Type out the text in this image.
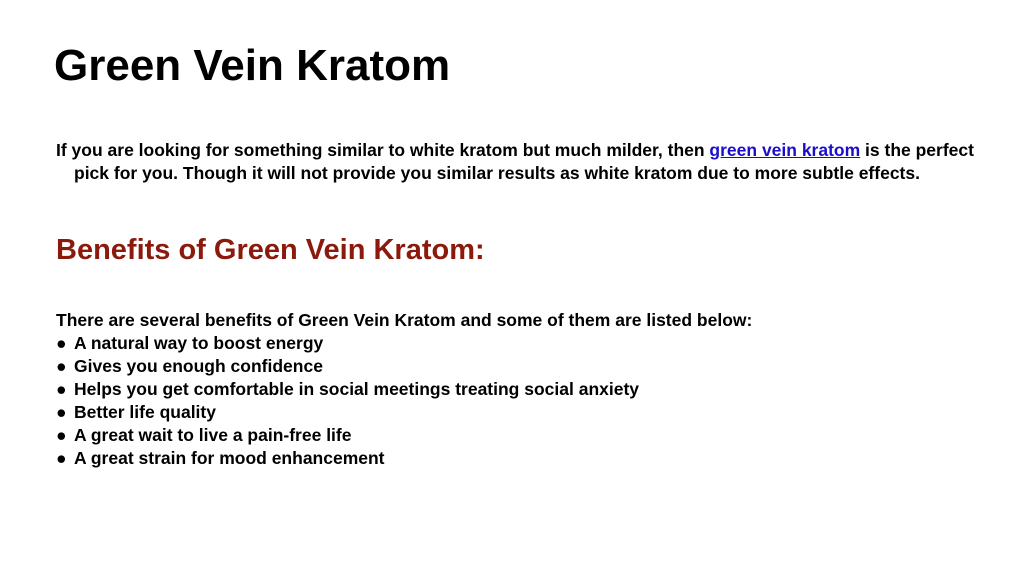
Green Vein Kratom

If you are looking for something similar to white kratom but much milder, then green vein kratom is the perfect pick for you. Though it will not provide you similar results as white kratom due to more subtle effects.

Benefits of Green Vein Kratom:

There are several benefits of Green Vein Kratom and some of them are listed below:

● A natural way to boost energy
● Gives you enough confidence
● Helps you get comfortable in social meetings treating social anxiety
● Better life quality
● A great wait to live a pain-free life
● A great strain for mood enhancement
